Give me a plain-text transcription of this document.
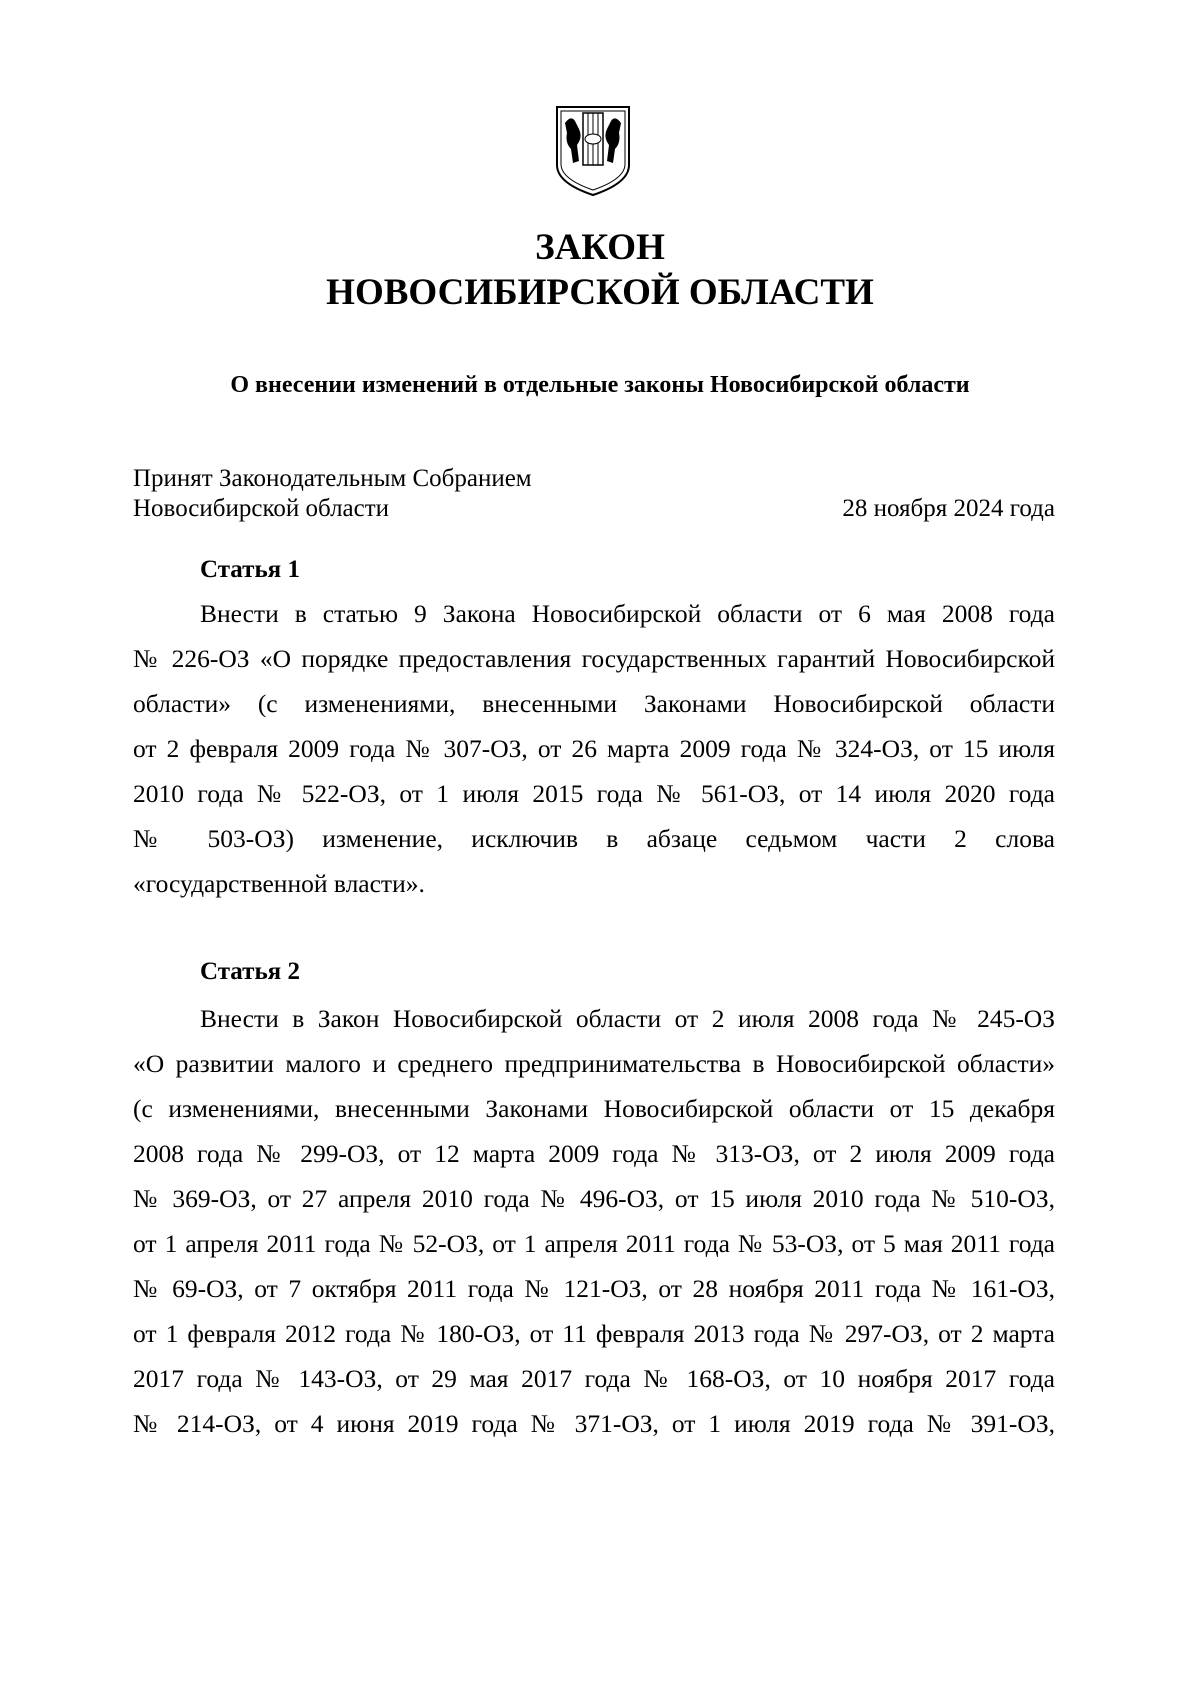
ЗАКОН
НОВОСИБИРСКОЙ ОБЛАСТИ
О внесении изменений в отдельные законы Новосибирской области
Принят Законодательным Собранием
Новосибирской области	28 ноября 2024 года
Статья 1
Внести в статью 9 Закона Новосибирской области от 6 мая 2008 года
№ 226-ОЗ «О порядке предоставления государственных гарантий Новосибирской
области» (с изменениями, внесенными Законами Новосибирской области
от 2 февраля 2009 года № 307-ОЗ, от 26 марта 2009 года № 324-ОЗ, от 15 июля
2010 года № 522-ОЗ, от 1 июля 2015 года № 561-ОЗ, от 14 июля 2020 года
№ 503-ОЗ) изменение, исключив в абзаце седьмом части 2 слова
«государственной власти».
Статья 2
Внести в Закон Новосибирской области от 2 июля 2008 года № 245-ОЗ
«О развитии малого и среднего предпринимательства в Новосибирской области»
(с изменениями, внесенными Законами Новосибирской области от 15 декабря
2008 года № 299-ОЗ, от 12 марта 2009 года № 313-ОЗ, от 2 июля 2009 года
№ 369-ОЗ, от 27 апреля 2010 года № 496-ОЗ, от 15 июля 2010 года № 510-ОЗ,
от 1 апреля 2011 года № 52-ОЗ, от 1 апреля 2011 года № 53-ОЗ, от 5 мая 2011 года
№ 69-ОЗ, от 7 октября 2011 года № 121-ОЗ, от 28 ноября 2011 года № 161-ОЗ,
от 1 февраля 2012 года № 180-ОЗ, от 11 февраля 2013 года № 297-ОЗ, от 2 марта
2017 года № 143-ОЗ, от 29 мая 2017 года № 168-ОЗ, от 10 ноября 2017 года
№ 214-ОЗ, от 4 июня 2019 года № 371-ОЗ, от 1 июля 2019 года № 391-ОЗ,
